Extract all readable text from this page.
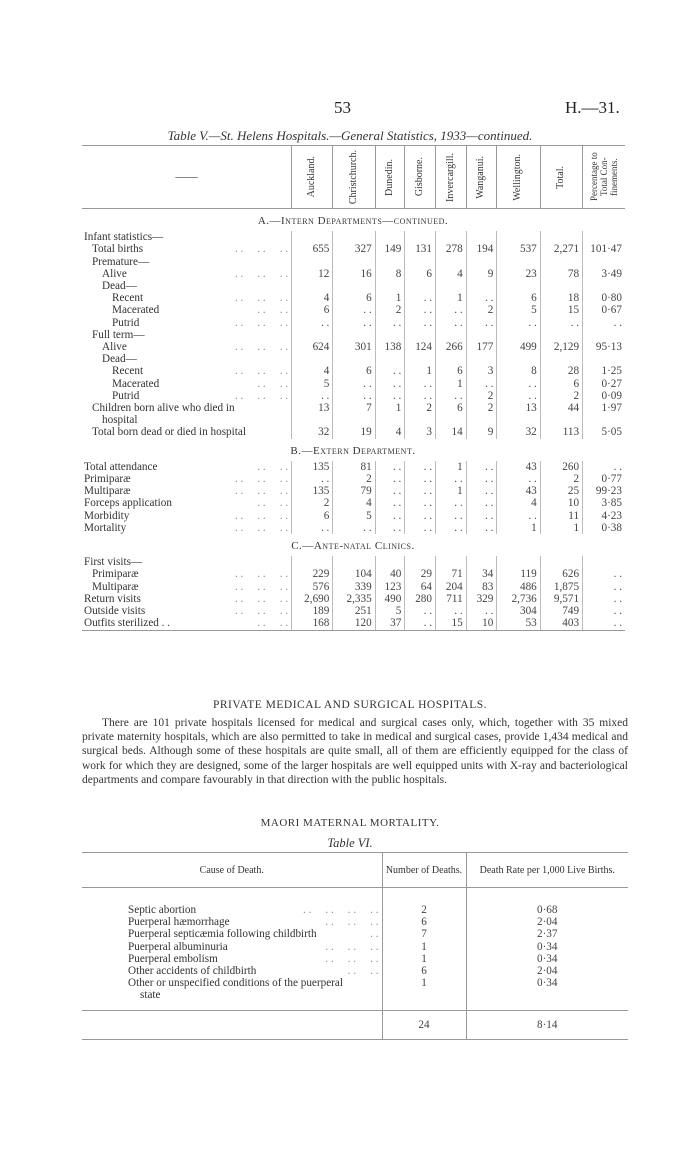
53	H.—31.
Table V.—St. Helens Hospitals.—General Statistics, 1933—continued.
——	Auckland.	Christchurch.	Dunedin.	Gisborne.	Invercargill.	Wanganui.	Wellington.	Total.	Percentage to Total Confinements.

A.—Intern Departments—continued.									
Infant statistics—									
Total births . .     . .     . .	655	327	149	131	278	194	537	2,271	101·47
Premature—									
Alive . .     . .     . .	12	16	8	6	4	9	23	78	3·49
Dead—									
Recent . .     . .     . .	4	6	1	. .	1	. .	6	18	0·80
Macerated . .     . .	6	. .	2	. .	. .	2	5	15	0·67
Putrid . .     . .     . .	. .	. .	. .	. .	. .	. .	. .	. .	. .
Full term—									
Alive . .     . .     . .	624	301	138	124	266	177	499	2,129	95·13
Dead—									
Recent . .     . .     . .	4	6	. .	1	6	3	8	28	1·25
Macerated . .     . .	5	. .	. .	. .	1	. .	. .	6	0·27
Putrid . .     . .     . .	. .	. .	. .	. .	. .	2	. .	2	0·09
Children born alive who died in	13	7	1	2	6	2	13	44	1·97
hospital									
Total born dead or died in hospital	32	19	4	3	14	9	32	113	5·05
B.—Extern Department.									
Total attendance . .     . .	135	81	. .	. .	1	. .	43	260	. .
Primiparæ . .     . .     . .	. .	2	. .	. .	. .	. .	. .	2	0·77
Multiparæ . .     . .     . .	135	79	. .	. .	1	. .	43	25	99·23
Forceps application . .     . .	2	4	. .	. .	. .	. .	4	10	3·85
Morbidity . .     . .     . .	6	5	. .	. .	. .	. .	. .	11	4·23
Mortality . .     . .     . .	. .	. .	. .	. .	. .	. .	1	1	0·38
C.—Ante-natal Clinics.									
First visits—									
Primiparæ . .     . .     . .	229	104	40	29	71	34	119	626	. .
Multiparæ . .     . .     . .	576	339	123	64	204	83	486	1,875	. .
Return visits . .     . .     . .	2,690	2,335	490	280	711	329	2,736	9,571	. .
Outside visits . .     . .     . .	189	251	5	. .	. .	. .	304	749	. .
Outfits sterilized . . . .     . .	168	120	37	. .	15	10	53	403	. .
PRIVATE MEDICAL AND SURGICAL HOSPITALS.
There are 101 private hospitals licensed for medical and surgical cases only, which, together with 35 mixed private maternity hospitals, which are also permitted to take in medical and surgical cases, provide 1,434 medical and surgical beds. Although some of these hospitals are quite small, all of them are efficiently equipped for the class of work for which they are designed, some of the larger hospitals are well equipped units with X-ray and bacteriological departments and compare favourably in that direction with the public hospitals.
MAORI MATERNAL MORTALITY.
Table VI.
Cause of Death.	Number of Deaths.	Death Rate per 1,000 Live Births.

Septic abortion . .     . .     . .     . .	2	0·68
Puerperal hæmorrhage . .     . .     . .	6	2·04
Puerperal septicæmia following childbirth . .	7	2·37
Puerperal albuminuria . .     . .     . .	1	0·34
Puerperal embolism . .     . .     . .	1	0·34
Other accidents of childbirth . .     . .	6	2·04
Other or unspecified conditions of the puerperal	1	0·34
state		

	24	8·14
